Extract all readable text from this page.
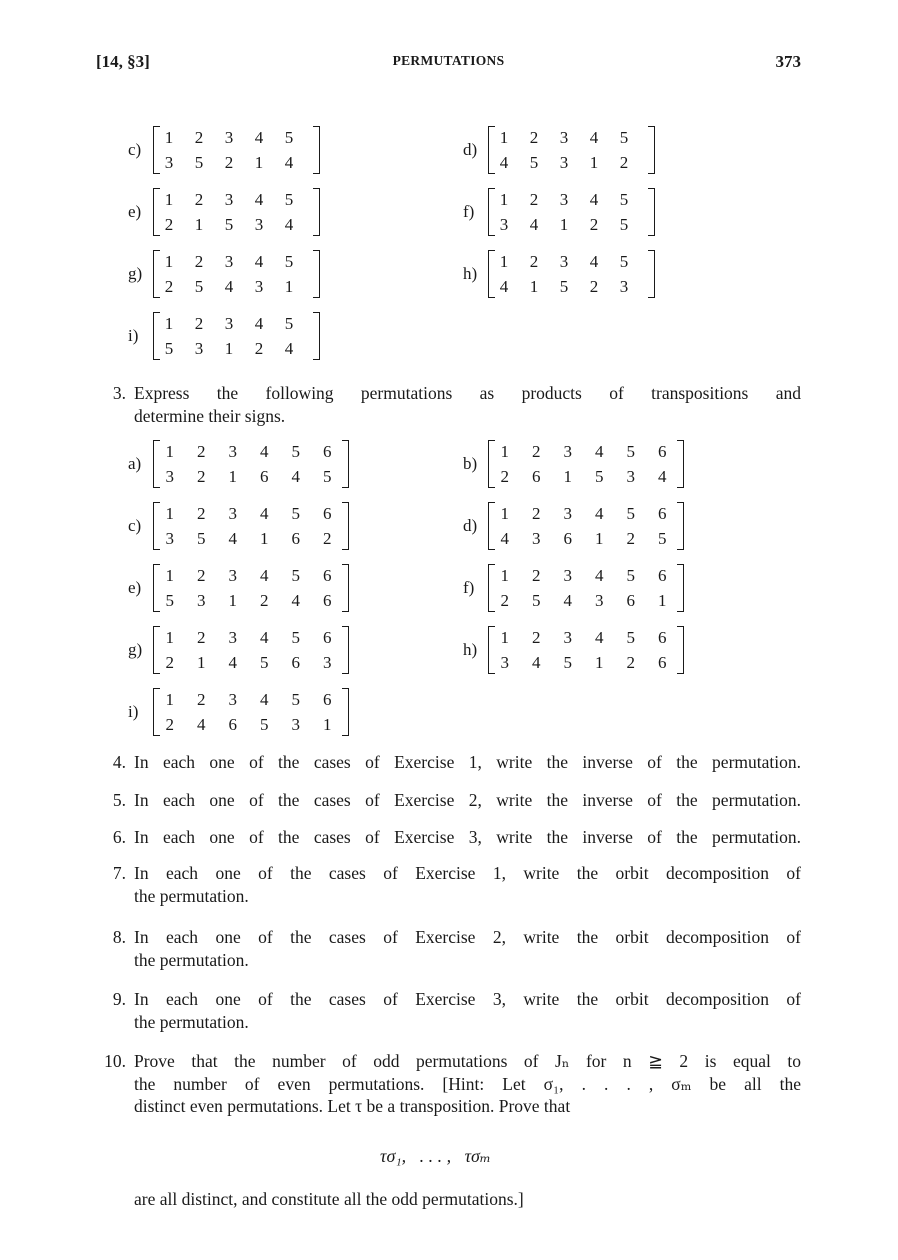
[14, §3]	PERMUTATIONS	373
c)
1	2	3	4	5
3	5	2	1	4
d)
1	2	3	4	5
4	5	3	1	2
e)
1	2	3	4	5
2	1	5	3	4
f)
1	2	3	4	5
3	4	1	2	5
g)
1	2	3	4	5
2	5	4	3	1
h)
1	2	3	4	5
4	1	5	2	3
i)
1	2	3	4	5
5	3	1	2	4
3. Express the following permutations as products of transpositions and
determine their signs.
a)
1	2	3	4	5	6
3	2	1	6	4	5
b)
1	2	3	4	5	6
2	6	1	5	3	4
c)
1	2	3	4	5	6
3	5	4	1	6	2
d)
1	2	3	4	5	6
4	3	6	1	2	5
e)
1	2	3	4	5	6
5	3	1	2	4	6
f)
1	2	3	4	5	6
2	5	4	3	6	1
g)
1	2	3	4	5	6
2	1	4	5	6	3
h)
1	2	3	4	5	6
3	4	5	1	2	6
i)
1	2	3	4	5	6
2	4	6	5	3	1
4. In each one of the cases of Exercise 1, write the inverse of the permutation.
5. In each one of the cases of Exercise 2, write the inverse of the permutation.
6. In each one of the cases of Exercise 3, write the inverse of the permutation.
7. In each one of the cases of Exercise 1, write the orbit decomposition of
the permutation.
8. In each one of the cases of Exercise 2, write the orbit decomposition of
the permutation.
9. In each one of the cases of Exercise 3, write the orbit decomposition of
the permutation.
10. Prove that the number of odd permutations of Jₙ for n ≧ 2 is equal to
the number of even permutations. [Hint: Let σ₁, . . . , σₘ be all the
distinct even permutations. Let τ be a transposition. Prove that
τσ₁,   . . . ,   τσₘ
are all distinct, and constitute all the odd permutations.]
